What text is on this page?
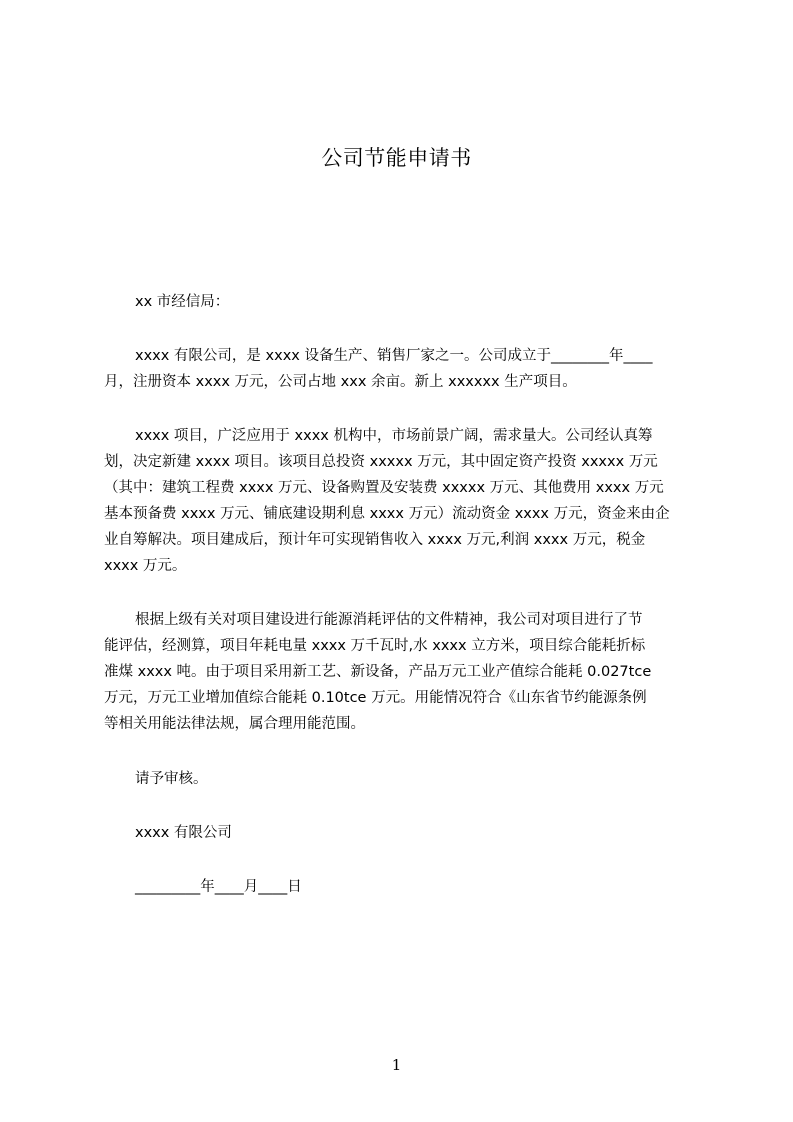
公司节能申请书
xx 市经信局：
xxxx 有限公司，是 xxxx 设备生产、销售厂家之一。公司成立于________年____
月，注册资本 xxxx 万元，公司占地 xxx 余亩。新上 xxxxxx 生产项目。
xxxx 项目，广泛应用于 xxxx 机构中，市场前景广阔，需求量大。公司经认真筹
划，决定新建 xxxx 项目。该项目总投资 xxxxx 万元，其中固定资产投资 xxxxx 万元
（其中：建筑工程费 xxxx 万元、设备购置及安装费 xxxxx 万元、其他费用 xxxx 万元
基本预备费 xxxx 万元、铺底建设期利息 xxxx 万元）流动资金 xxxx 万元，资金来由企
业自筹解决。项目建成后，预计年可实现销售收入 xxxx 万元,利润 xxxx 万元，税金
xxxx 万元。
根据上级有关对项目建设进行能源消耗评估的文件精神，我公司对项目进行了节
能评估，经测算，项目年耗电量 xxxx 万千瓦时,水 xxxx 立方米，项目综合能耗折标
准煤 xxxx 吨。由于项目采用新工艺、新设备，产品万元工业产值综合能耗 0.027tce
万元，万元工业增加值综合能耗 0.10tce 万元。用能情况符合《山东省节约能源条例
等相关用能法律法规，属合理用能范围。
请予审核。
xxxx 有限公司
_________年____月____日
1
